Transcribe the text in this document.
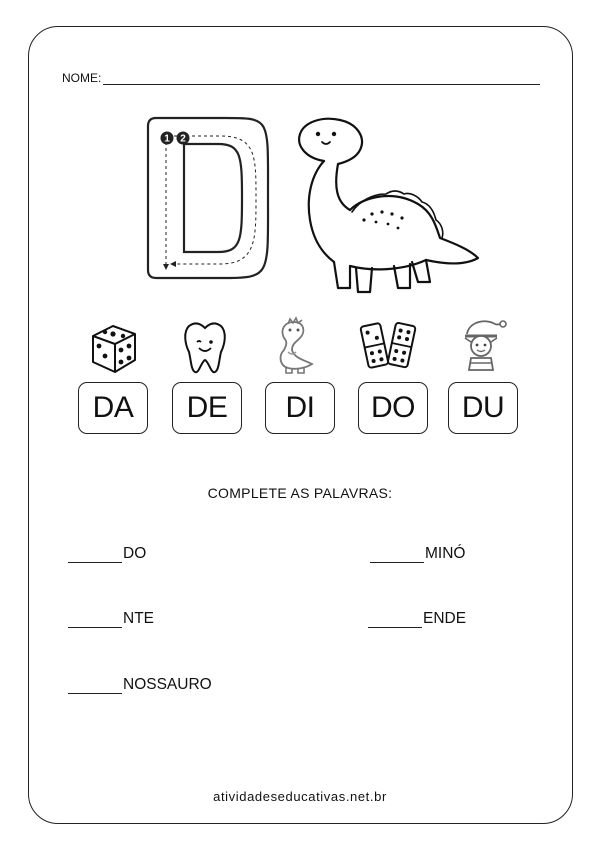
NOME:
1 2
DA	DE	DI	DO	DU
COMPLETE AS PALAVRAS:
DO	MINÓ
NTE	ENDE
NOSSAURO
atividadeseducativas.net.br
